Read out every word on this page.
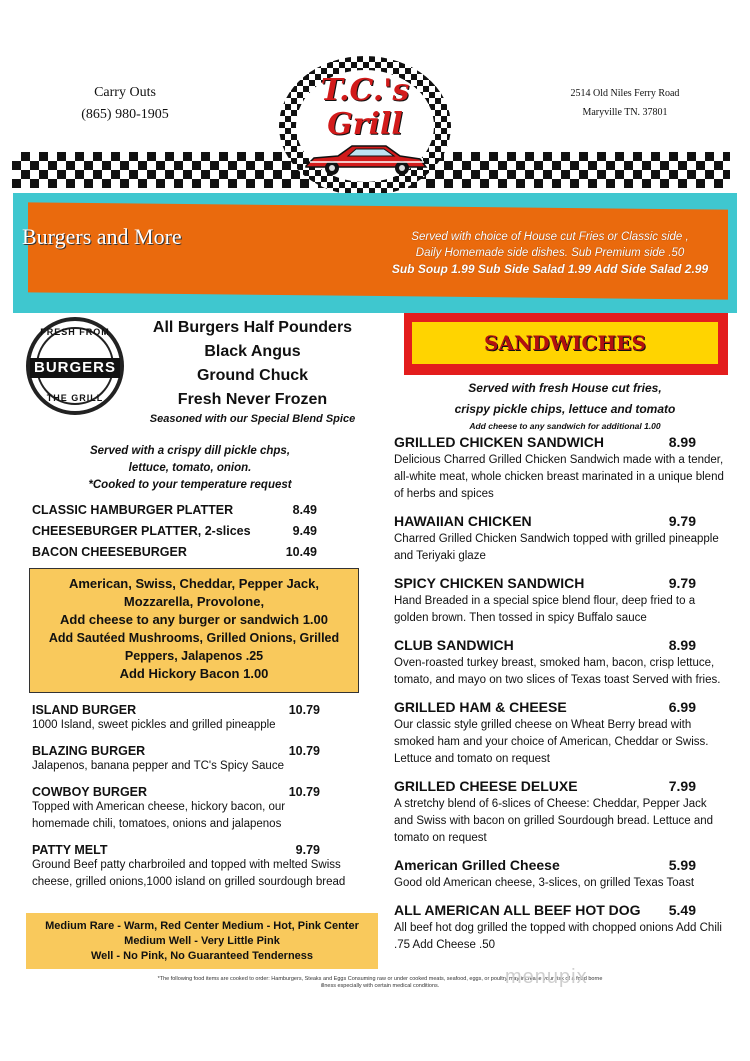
Carry Outs
(865) 980-1905
2514 Old Niles Ferry Road
Maryville TN. 37801
T.C.'s
Grill
Burgers and More	Served with choice of House cut Fries or Classic side ,
Daily Homemade side dishes. Sub Premium side .50
Sub Soup 1.99 Sub Side Salad 1.99 Add Side Salad 2.99
FRESH FROM
BURGERS
THE GRILL
All Burgers Half Pounders
Black Angus
Ground Chuck
Fresh Never Frozen
Seasoned with our Special Blend Spice
Served with a crispy dill pickle chps,
lettuce, tomato, onion.
*Cooked to your temperature request
CLASSIC HAMBURGER PLATTER	8.49
CHEESEBURGER PLATTER, 2-slices	9.49
BACON CHEESEBURGER	10.49
American, Swiss, Cheddar, Pepper Jack,
Mozzarella, Provolone,
Add cheese to any burger or sandwich 1.00
Add Sautéed Mushrooms, Grilled Onions, Grilled
Peppers, Jalapenos .25
Add Hickory Bacon 1.00
ISLAND BURGER	10.79
1000 Island, sweet pickles and grilled pineapple
BLAZING BURGER	10.79
Jalapenos, banana pepper and TC's Spicy Sauce
COWBOY BURGER	10.79
Topped with American cheese, hickory bacon, our homemade chili, tomatoes, onions and jalapenos
PATTY MELT	9.79
Ground Beef patty charbroiled and topped with melted Swiss cheese, grilled onions,1000 island on grilled sourdough bread
Medium Rare - Warm, Red Center Medium - Hot, Pink Center
Medium Well - Very Little Pink
Well - No Pink, No Guaranteed Tenderness
*The following food items are cooked to order: Hamburgers, Steaks and Eggs Consuming raw or under cooked meats, seafood, eggs, or poultry may increase your risk of a food borne illness especially with certain medical conditions.	menupix
SANDWICHES
Served with fresh House cut fries,
crispy pickle chips, lettuce and tomato
Add cheese to any sandwich for additional 1.00
GRILLED CHICKEN SANDWICH	8.99
Delicious Charred Grilled Chicken Sandwich made with a tender, all-white meat, whole chicken breast marinated in a unique blend of herbs and spices
HAWAIIAN CHICKEN	9.79
Charred Grilled Chicken Sandwich topped with grilled pineapple and Teriyaki glaze
SPICY CHICKEN SANDWICH	9.79
Hand Breaded in a special spice blend flour, deep fried to a golden brown. Then tossed in spicy Buffalo sauce
CLUB SANDWICH	8.99
Oven-roasted turkey breast, smoked ham, bacon, crisp lettuce, tomato, and mayo on two slices of Texas toast Served with fries.
GRILLED HAM & CHEESE	6.99
Our classic style grilled cheese on Wheat Berry bread with smoked ham and your choice of American, Cheddar or Swiss. Lettuce and tomato on request
GRILLED CHEESE DELUXE	7.99
A stretchy blend of 6-slices of Cheese: Cheddar, Pepper Jack and Swiss with bacon on grilled Sourdough bread. Lettuce and tomato on request
American Grilled Cheese	5.99
Good old American cheese, 3-slices, on grilled Texas Toast
ALL AMERICAN ALL BEEF HOT DOG 5.49
All beef hot dog grilled the topped with chopped onions Add Chili .75 Add Cheese .50
